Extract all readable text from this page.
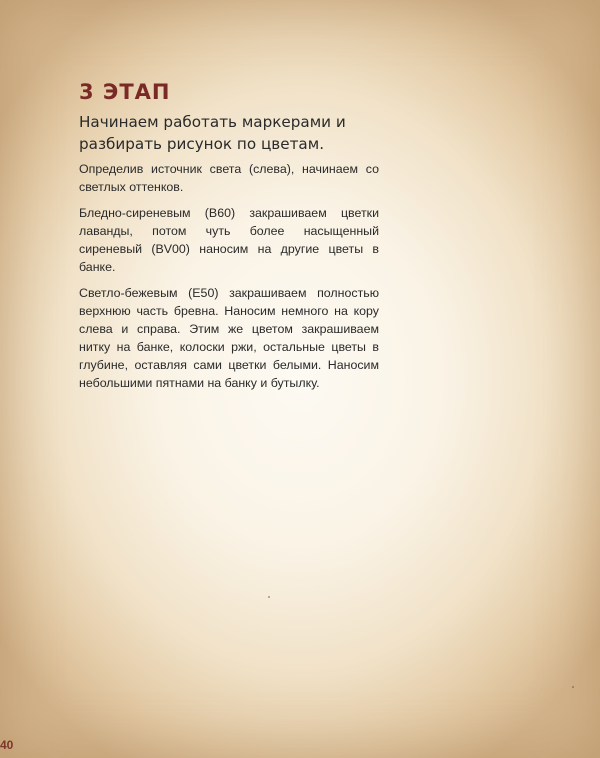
3 ЭТАП

Начинаем работать маркерами и разбирать рисунок по цветам.

Определив источник света (слева), начинаем со светлых оттенков.

Бледно-сиреневым (B60) закрашиваем цветки лаванды, потом чуть более насыщенный сиреневый (BV00) наносим на другие цветы в банке.

Светло-бежевым (E50) закрашиваем полностью верхнюю часть бревна. Наносим немного на кору слева и справа. Этим же цветом закрашиваем нитку на банке, колоски ржи, остальные цветы в глубине, оставляя сами цветки белыми. Наносим небольшими пятнами на банку и бутылку.

40
